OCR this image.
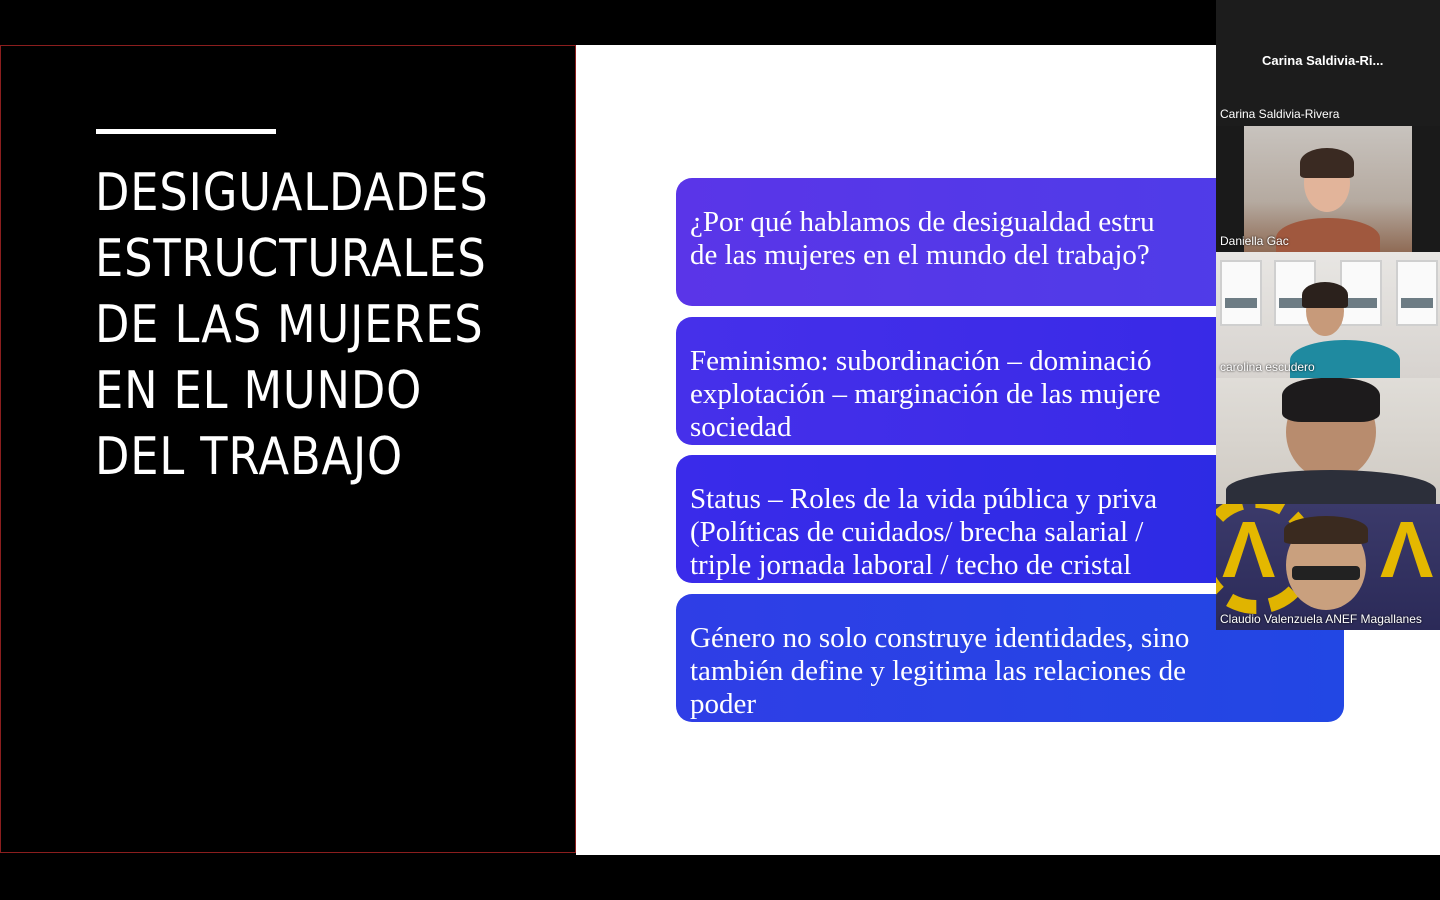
DESIGUALDADES
ESTRUCTURALES
DE LAS MUJERES
EN EL MUNDO
DEL TRABAJO
¿Por qué hablamos de desigualdad estru
de las mujeres en el mundo del trabajo?
Feminismo: subordinación – dominació
explotación – marginación de las mujere
sociedad
Status – Roles de la vida pública y priva
(Políticas de cuidados/ brecha salarial /
triple jornada laboral / techo de cristal
Género no solo construye identidades, sino
también define y legitima las relaciones de
poder
Carina Saldivia-Ri...
Carina Saldivia-Rivera
Daniella Gac
carolina escudero
Ʌ Ʌ
Claudio Valenzuela ANEF Magallanes
